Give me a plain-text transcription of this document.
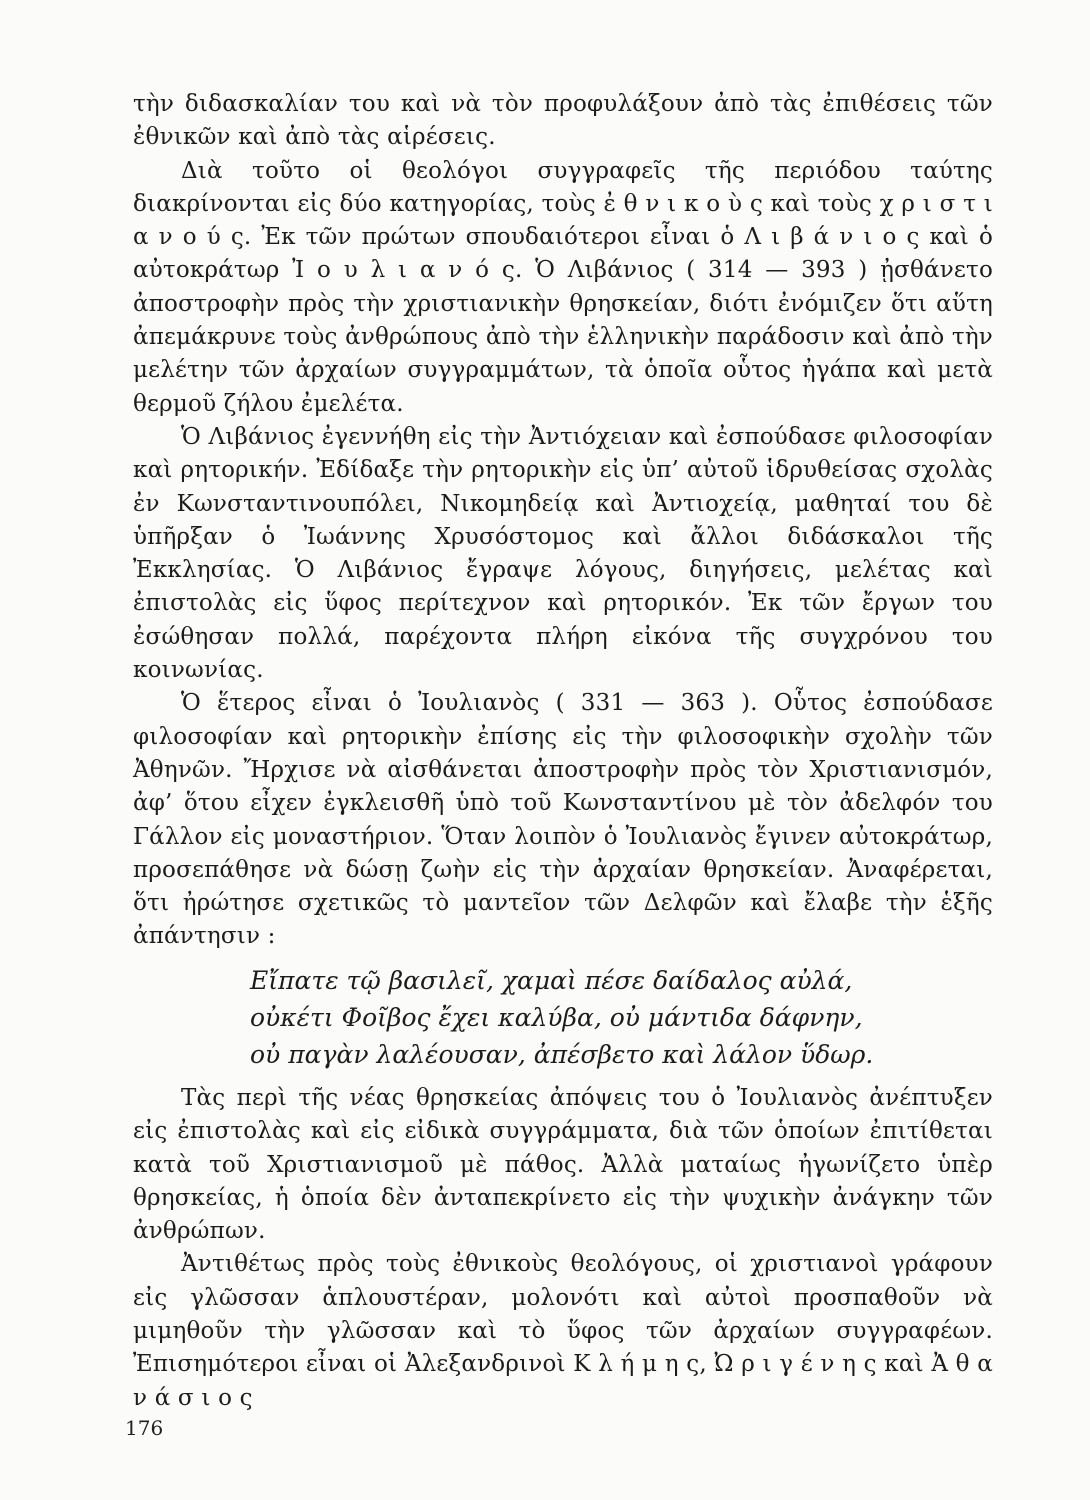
τὴν διδασκαλίαν του καὶ νὰ τὸν προφυλάξουν ἀπὸ τὰς ἐπιθέσεις τῶν ἐθνικῶν καὶ ἀπὸ τὰς αἱρέσεις.

Διὰ τοῦτο οἱ θεολόγοι συγγραφεῖς τῆς περιόδου ταύτης διακρίνονται εἰς δύο κατηγορίας, τοὺς ἐ θ ν ι κ ο ὺ ς καὶ τοὺς χ ρ ι σ τ ι α ν ο ύ ς. Ἐκ τῶν πρώτων σπουδαιότεροι εἶναι ὁ Λ ι β ά ν ι ο ς καὶ ὁ αὐτοκράτωρ Ἰ ο υ λ ι α ν ό ς. Ὁ Λιβάνιος ( 314 — 393 ) ᾐσθάνετο ἀποστροφὴν πρὸς τὴν χριστιανικὴν θρησκείαν, διότι ἐνόμιζεν ὅτι αὕτη ἀπεμάκρυνε τοὺς ἀνθρώπους ἀπὸ τὴν ἑλληνικὴν παράδοσιν καὶ ἀπὸ τὴν μελέτην τῶν ἀρχαίων συγγραμμάτων, τὰ ὁποῖα οὗτος ἠγάπα καὶ μετὰ θερμοῦ ζήλου ἐμελέτα.

Ὁ Λιβάνιος ἐγεννήθη εἰς τὴν Ἀντιόχειαν καὶ ἐσπούδασε φιλοσοφίαν καὶ ρητορικήν. Ἐδίδαξε τὴν ρητορικὴν εἰς ὑπ’ αὐτοῦ ἱδρυθείσας σχολὰς ἐν Κωνσταντινουπόλει, Νικομηδείᾳ καὶ Ἀντιοχείᾳ, μαθηταί του δὲ ὑπῆρξαν ὁ Ἰωάννης Χρυσόστομος καὶ ἄλλοι διδάσκαλοι τῆς Ἐκκλησίας. Ὁ Λιβάνιος ἔγραψε λόγους, διηγήσεις, μελέτας καὶ ἐπιστολὰς εἰς ὕφος περίτεχνον καὶ ρητορικόν. Ἐκ τῶν ἔργων του ἐσώθησαν πολλά, παρέχοντα πλήρη εἰκόνα τῆς συγχρόνου του κοινωνίας.

Ὁ ἕτερος εἶναι ὁ Ἰουλιανὸς ( 331 — 363 ). Οὗτος ἐσπούδασε φιλοσοφίαν καὶ ρητορικὴν ἐπίσης εἰς τὴν φιλοσοφικὴν σχολὴν τῶν Ἀθηνῶν. Ἤρχισε νὰ αἰσθάνεται ἀποστροφὴν πρὸς τὸν Χριστιανισμόν, ἀφ’ ὅτου εἶχεν ἐγκλεισθῆ ὑπὸ τοῦ Κωνσταντίνου μὲ τὸν ἀδελφόν του Γάλλον εἰς μοναστήριον. Ὅταν λοιπὸν ὁ Ἰουλιανὸς ἔγινεν αὐτοκράτωρ, προσεπάθησε νὰ δώσῃ ζωὴν εἰς τὴν ἀρχαίαν θρησκείαν. Ἀναφέρεται, ὅτι ἠρώτησε σχετικῶς τὸ μαντεῖον τῶν Δελφῶν καὶ ἔλαβε τὴν ἑξῆς ἀπάντησιν :

Εἴπατε τῷ βασιλεῖ, χαμαὶ πέσε δαίδαλος αὐλά,
οὐκέτι Φοῖβος ἔχει καλύβα, οὐ μάντιδα δάφνην,
οὐ παγὰν λαλέουσαν, ἀπέσβετο καὶ λάλον ὕδωρ.

Τὰς περὶ τῆς νέας θρησκείας ἀπόψεις του ὁ Ἰουλιανὸς ἀνέπτυξεν εἰς ἐπιστολὰς καὶ εἰς εἰδικὰ συγγράμματα, διὰ τῶν ὁποίων ἐπιτίθεται κατὰ τοῦ Χριστιανισμοῦ μὲ πάθος. Ἀλλὰ ματαίως ἠγωνίζετο ὑπὲρ θρησκείας, ἡ ὁποία δὲν ἀνταπεκρίνετο εἰς τὴν ψυχικὴν ἀνάγκην τῶν ἀνθρώπων.

Ἀντιθέτως πρὸς τοὺς ἐθνικοὺς θεολόγους, οἱ χριστιανοὶ γράφουν εἰς γλῶσσαν ἁπλουστέραν, μολονότι καὶ αὐτοὶ προσπαθοῦν νὰ μιμηθοῦν τὴν γλῶσσαν καὶ τὸ ὕφος τῶν ἀρχαίων συγγραφέων. Ἐπισημότεροι εἶναι οἱ Ἀλεξανδρινοὶ Κ λ ή μ η ς, Ὠ ρ ι γ έ ν η ς καὶ Ἀ θ α ν ά σ ι ο ς

176
